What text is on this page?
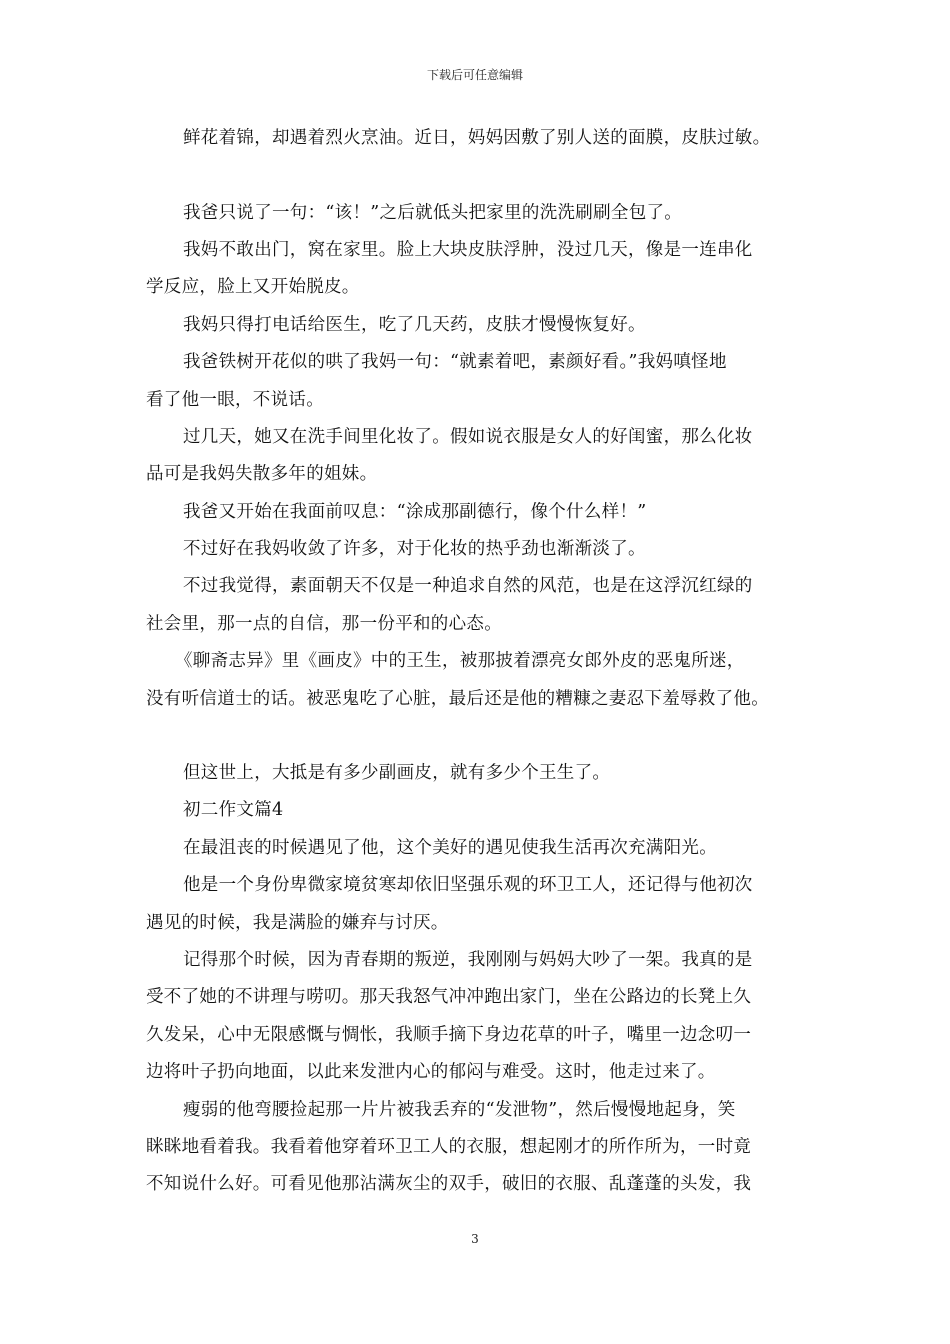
下载后可任意编辑
鲜花着锦，却遇着烈火烹油。近日，妈妈因敷了别人送的面膜，皮肤过敏。
我爸只说了一句：“该！”之后就低头把家里的洗洗刷刷全包了。
我妈不敢出门，窝在家里。脸上大块皮肤浮肿，没过几天，像是一连串化
学反应，脸上又开始脱皮。
我妈只得打电话给医生，吃了几天药，皮肤才慢慢恢复好。
我爸铁树开花似的哄了我妈一句：“就素着吧，素颜好看。”我妈嗔怪地
看了他一眼，不说话。
过几天，她又在洗手间里化妆了。假如说衣服是女人的好闺蜜，那么化妆
品可是我妈失散多年的姐妹。
我爸又开始在我面前叹息：“涂成那副德行，像个什么样！”
不过好在我妈收敛了许多，对于化妆的热乎劲也渐渐淡了。
不过我觉得，素面朝天不仅是一种追求自然的风范，也是在这浮沉红绿的
社会里，那一点的自信，那一份平和的心态。
《聊斋志异》里《画皮》中的王生，被那披着漂亮女郎外皮的恶鬼所迷，
没有听信道士的话。被恶鬼吃了心脏，最后还是他的糟糠之妻忍下羞辱救了他。
但这世上，大抵是有多少副画皮，就有多少个王生了。
初二作文篇4
在最沮丧的时候遇见了他，这个美好的遇见使我生活再次充满阳光。
他是一个身份卑微家境贫寒却依旧坚强乐观的环卫工人，还记得与他初次
遇见的时候，我是满脸的嫌弃与讨厌。
记得那个时候，因为青春期的叛逆，我刚刚与妈妈大吵了一架。我真的是
受不了她的不讲理与唠叨。那天我怒气冲冲跑出家门，坐在公路边的长凳上久
久发呆，心中无限感慨与惆怅，我顺手摘下身边花草的叶子，嘴里一边念叨一
边将叶子扔向地面，以此来发泄内心的郁闷与难受。这时，他走过来了。
瘦弱的他弯腰捡起那一片片被我丢弃的“发泄物”，然后慢慢地起身，笑
眯眯地看着我。我看着他穿着环卫工人的衣服，想起刚才的所作所为，一时竟
不知说什么好。可看见他那沾满灰尘的双手，破旧的衣服、乱蓬蓬的头发，我
3
